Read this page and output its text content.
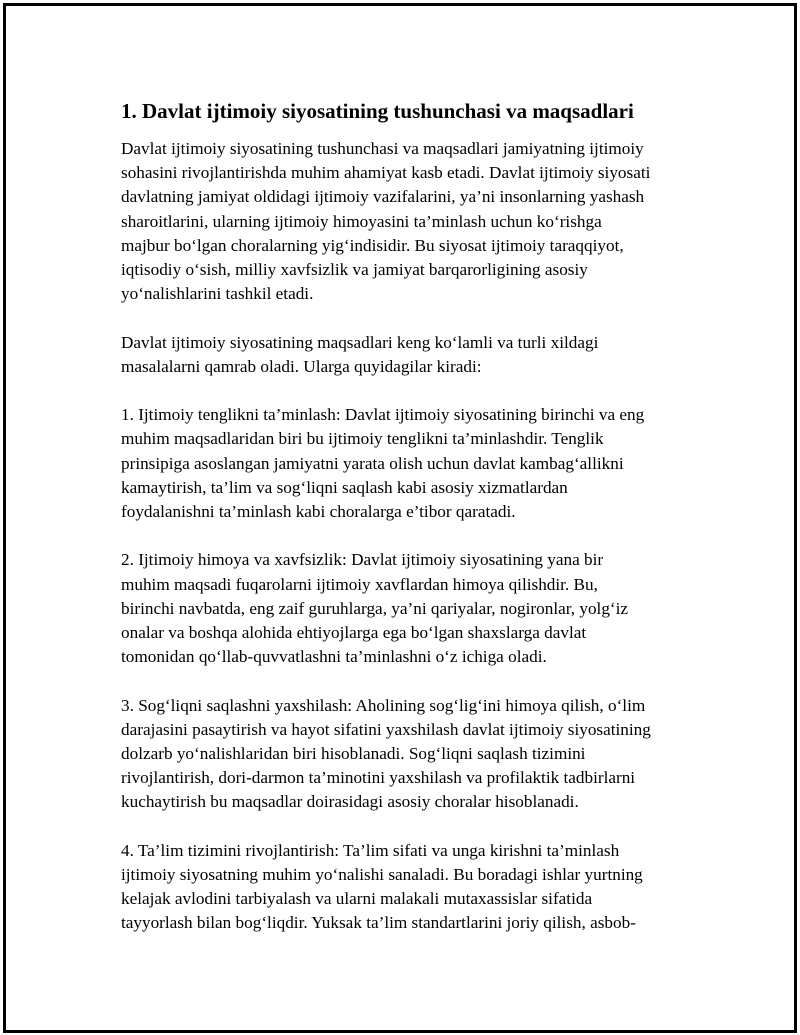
1. Davlat ijtimoiy siyosatining tushunchasi va maqsadlari

Davlat ijtimoiy siyosatining tushunchasi va maqsadlari jamiyatning ijtimoiy
sohasini rivojlantirishda muhim ahamiyat kasb etadi. Davlat ijtimoiy siyosati
davlatning jamiyat oldidagi ijtimoiy vazifalarini, ya’ni insonlarning yashash
sharoitlarini, ularning ijtimoiy himoyasini ta’minlash uchun ko‘rishga
majbur bo‘lgan choralarning yig‘indisidir. Bu siyosat ijtimoiy taraqqiyot,
iqtisodiy o‘sish, milliy xavfsizlik va jamiyat barqarorligining asosiy
yo‘nalishlarini tashkil etadi.

Davlat ijtimoiy siyosatining maqsadlari keng ko‘lamli va turli xildagi
masalalarni qamrab oladi. Ularga quyidagilar kiradi:

1. Ijtimoiy tenglikni ta’minlash: Davlat ijtimoiy siyosatining birinchi va eng
muhim maqsadlaridan biri bu ijtimoiy tenglikni ta’minlashdir. Tenglik
prinsipiga asoslangan jamiyatni yarata olish uchun davlat kambag‘allikni
kamaytirish, ta’lim va sog‘liqni saqlash kabi asosiy xizmatlardan
foydalanishni ta’minlash kabi choralarga e’tibor qaratadi.

2. Ijtimoiy himoya va xavfsizlik: Davlat ijtimoiy siyosatining yana bir
muhim maqsadi fuqarolarni ijtimoiy xavflardan himoya qilishdir. Bu,
birinchi navbatda, eng zaif guruhlarga, ya’ni qariyalar, nogironlar, yolg‘iz
onalar va boshqa alohida ehtiyojlarga ega bo‘lgan shaxslarga davlat
tomonidan qo‘llab-quvvatlashni ta’minlashni o‘z ichiga oladi.

3. Sog‘liqni saqlashni yaxshilash: Aholining sog‘lig‘ini himoya qilish, o‘lim
darajasini pasaytirish va hayot sifatini yaxshilash davlat ijtimoiy siyosatining
dolzarb yo‘nalishlaridan biri hisoblanadi. Sog‘liqni saqlash tizimini
rivojlantirish, dori-darmon ta’minotini yaxshilash va profilaktik tadbirlarni
kuchaytirish bu maqsadlar doirasidagi asosiy choralar hisoblanadi.

4. Ta’lim tizimini rivojlantirish: Ta’lim sifati va unga kirishni ta’minlash
ijtimoiy siyosatning muhim yo‘nalishi sanaladi. Bu boradagi ishlar yurtning
kelajak avlodini tarbiyalash va ularni malakali mutaxassislar sifatida
tayyorlash bilan bog‘liqdir. Yuksak ta’lim standartlarini joriy qilish, asbob-
